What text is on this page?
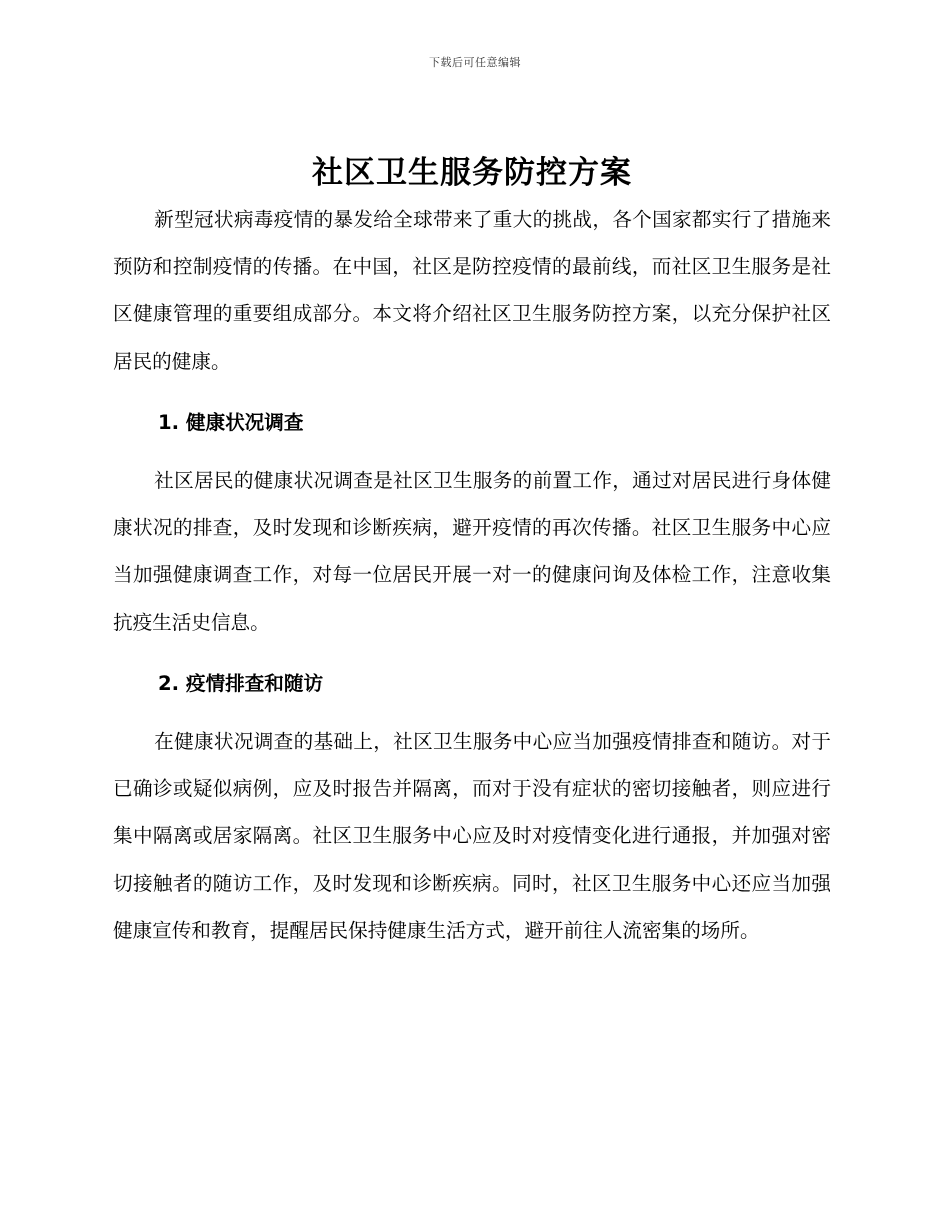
下载后可任意编辑
社区卫生服务防控方案

新型冠状病毒疫情的暴发给全球带来了重大的挑战，各个国家都实行了措施来预防和控制疫情的传播。在中国，社区是防控疫情的最前线，而社区卫生服务是社区健康管理的重要组成部分。本文将介绍社区卫生服务防控方案，以充分保护社区居民的健康。

1. 健康状况调查

社区居民的健康状况调查是社区卫生服务的前置工作，通过对居民进行身体健康状况的排查，及时发现和诊断疾病，避开疫情的再次传播。社区卫生服务中心应当加强健康调查工作，对每一位居民开展一对一的健康问询及体检工作，注意收集抗疫生活史信息。

2. 疫情排查和随访

在健康状况调查的基础上，社区卫生服务中心应当加强疫情排查和随访。对于已确诊或疑似病例，应及时报告并隔离，而对于没有症状的密切接触者，则应进行集中隔离或居家隔离。社区卫生服务中心应及时对疫情变化进行通报，并加强对密切接触者的随访工作，及时发现和诊断疾病。同时，社区卫生服务中心还应当加强健康宣传和教育，提醒居民保持健康生活方式，避开前往人流密集的场所。
